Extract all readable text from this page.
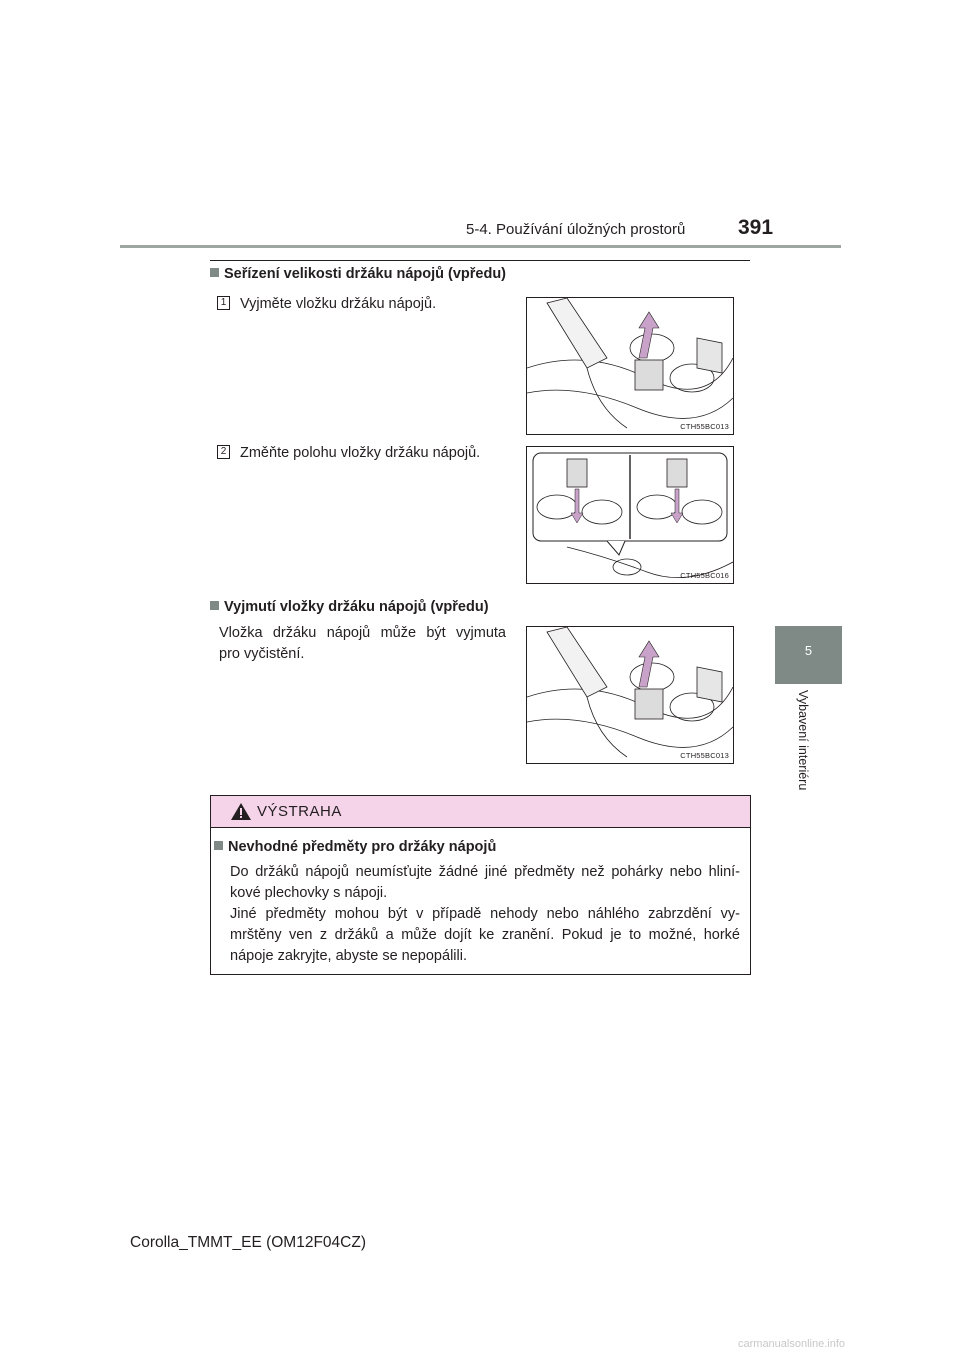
5-4. Používání úložných prostorů	391
Seřízení velikosti držáku nápojů (vpředu)
1 Vyjměte vložku držáku nápojů.
CTH55BC013
2 Změňte polohu vložky držáku nápojů.
CTH55BC016
Vyjmutí vložky držáku nápojů (vpředu)
Vložka držáku nápojů může být vyjmuta
pro vyčistění.
CTH55BC013
5
Vybavení interiéru
VÝSTRAHA
Nevhodné předměty pro držáky nápojů
Do držáků nápojů neumísťujte žádné jiné předměty než pohárky nebo hliní-
kové plechovky s nápoji.
Jiné předměty mohou být v případě nehody nebo náhlého zabrzdění vy-
mrštěny ven z držáků a může dojít ke zranění. Pokud je to možné, horké
nápoje zakryjte, abyste se nepopálili.
Corolla_TMMT_EE (OM12F04CZ)
carmanualsonline.info
